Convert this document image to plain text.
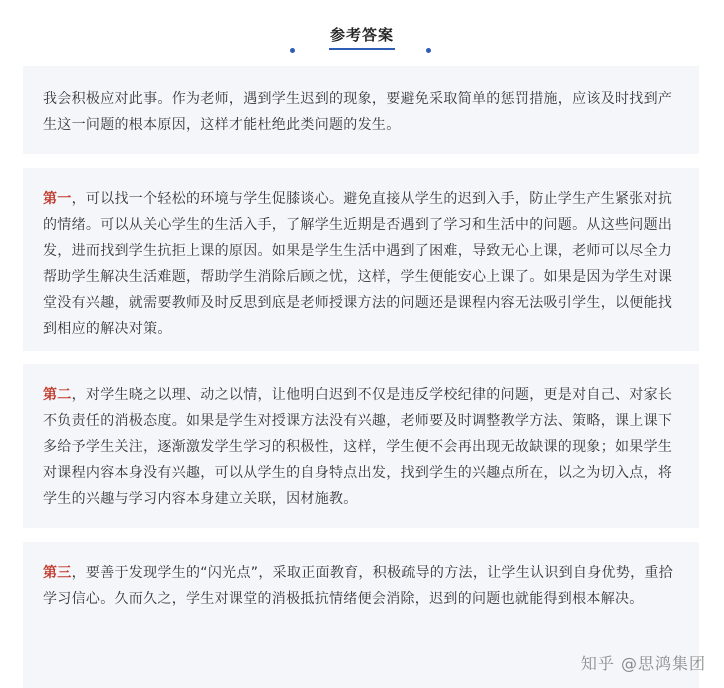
参考答案

我会积极应对此事。作为老师，遇到学生迟到的现象，要避免采取简单的惩罚措施，应该及时找到产生这一问题的根本原因，这样才能杜绝此类问题的发生。

第一，可以找一个轻松的环境与学生促膝谈心。避免直接从学生的迟到入手，防止学生产生紧张对抗的情绪。可以从关心学生的生活入手，了解学生近期是否遇到了学习和生活中的问题。从这些问题出发，进而找到学生抗拒上课的原因。如果是学生生活中遇到了困难，导致无心上课，老师可以尽全力帮助学生解决生活难题，帮助学生消除后顾之忧，这样，学生便能安心上课了。如果是因为学生对课堂没有兴趣，就需要教师及时反思到底是老师授课方法的问题还是课程内容无法吸引学生，以便能找到相应的解决对策。

第二，对学生晓之以理、动之以情，让他明白迟到不仅是违反学校纪律的问题，更是对自己、对家长不负责任的消极态度。如果是学生对授课方法没有兴趣，老师要及时调整教学方法、策略，课上课下多给予学生关注，逐渐激发学生学习的积极性，这样，学生便不会再出现无故缺课的现象；如果学生对课程内容本身没有兴趣，可以从学生的自身特点出发，找到学生的兴趣点所在，以之为切入点，将学生的兴趣与学习内容本身建立关联，因材施教。

第三，要善于发现学生的“闪光点”，采取正面教育，积极疏导的方法，让学生认识到自身优势，重拾学习信心。久而久之，学生对课堂的消极抵抗情绪便会消除，迟到的问题也就能得到根本解决。

知乎 @思鸿集团
